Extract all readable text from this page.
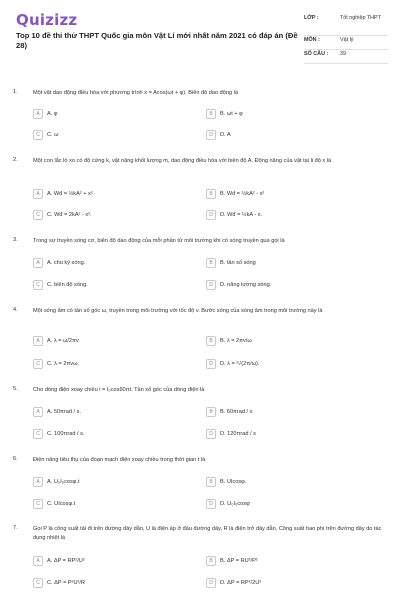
Quizizz
Top 10 đề thi thử THPT Quốc gia môn Vật Lí mới nhất năm 2021 có đáp án (Đề 28)
LỚP :	Tốt nghiệp THPT
MÔN :	Vật lý
SỐ CÂU :	39
1.	Một vật dao động điều hòa với phương trình x = Acos(ωt + φ). Biên độ dao động là
A	A. φ	B	B. ωt + φ
C	C. ω	D	D. A
2.	Một con lắc lò xo có độ cứng k, vật nặng khối lượng m, dao động điều hòa với biên độ A. Động năng của vật tại li độ x là
A	A. Wđ = ½kA² + x²	B	B. Wđ = ½kA² - x²
C	C. Wđ = 2kA² - x².	D	D. Wđ = ½kA - x.
3.	Trong sự truyền sóng cơ, biên độ dao động của mỗi phần tử môi trường khi có sóng truyền qua gọi là
A	A. chu kỳ sóng.	B	B. tần số sóng
C	C. biên độ sóng.	D	D. năng lượng sóng.
4.	Một sóng âm có tần số góc ω, truyền trong môi trường với tốc độ v. Bước sóng của sóng âm trong môi trường này là
A	A. λ = ω/2πv	B	B. λ = 2πv/ω
C	C. λ = 2πvω.	D	D. λ = ²√(2π/ω).
5.	Cho dòng điện xoay chiều i = I₀cos60πt. Tần số góc của dòng điện là
A	A. 50πrad / s.	B	B. 60πrad / s
C	C. 100πrad / s.	D	D. 120πrad / s
6.	Điện năng tiêu thụ của đoạn mạch điện xoay chiều trong thời gian t là
A	A. U₀I₀cosφ.t	B	B. UIcosφ.
C	C. UIcosφ.t	D	D. U₀I₀cosφ
7.	Gọi P là công suất tải đi trên đường dây dẫn, U là điện áp ở đầu đường dây, R là điện trở dây dẫn. Công suất hao phí trên đường dây do tác dụng nhiệt là
A	A. ΔP = RP²/U²	B	B. ΔP = RU²/P²
C	C. ΔP = P²U²/R	D	D. ΔP = RP²/2U²
